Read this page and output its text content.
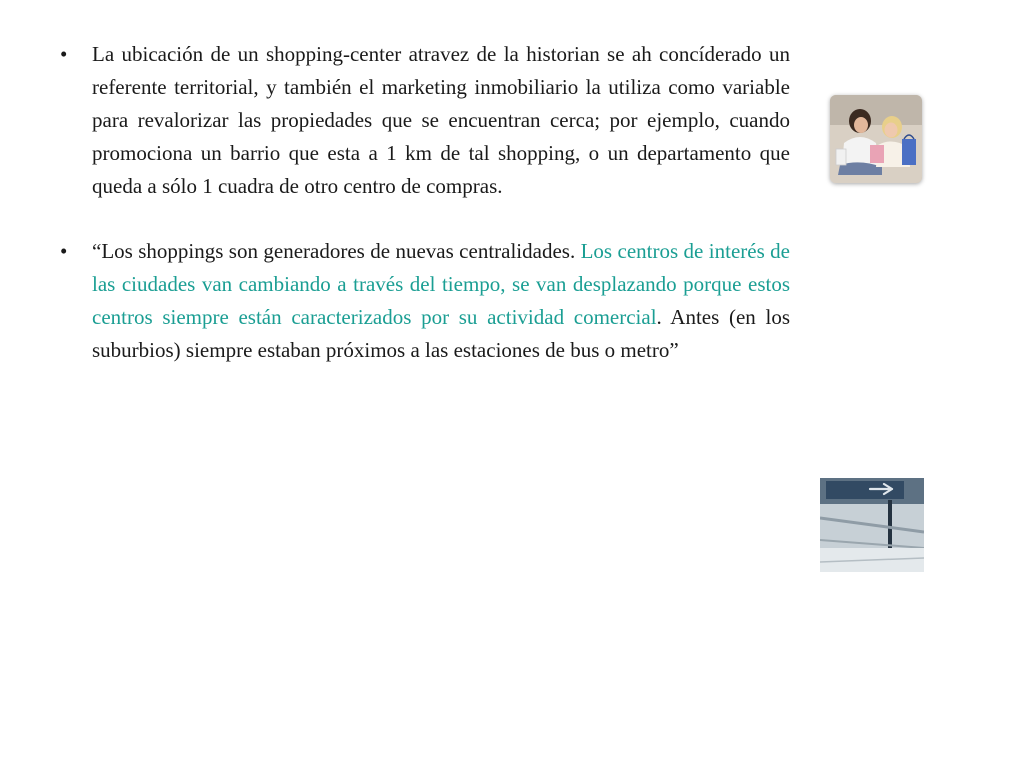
• La ubicación de un shopping-center atravez de la historian se ah concíderado un referente territorial, y también el marketing inmobiliario la utiliza como variable para revalorizar las propiedades que se encuentran cerca; por ejemplo, cuando promociona un barrio que esta a 1 km de tal shopping, o un departamento que queda a sólo 1 cuadra de otro centro de compras.
• “Los shoppings son generadores de nuevas centralidades. Los centros de interés de las ciudades van cambiando a través del tiempo, se van desplazando porque estos centros siempre están caracterizados por su actividad comercial. Antes (en los suburbios) siempre estaban próximos a las estaciones de bus o metro”
